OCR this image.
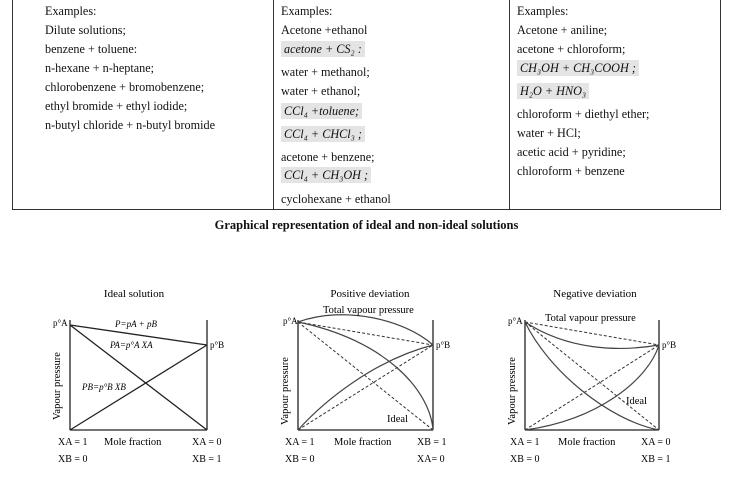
Examples:
Dilute solutions;
benzene + toluene:
n-hexane + n-heptane;
chlorobenzene + bromobenzene;
ethyl bromide + ethyl iodide;
n-butyl chloride + n-butyl bromide
Examples:
Acetone +ethanol
acetone + CS₂ :
water + methanol;
water + ethanol;
CCl₄ +toluene;
CCl₄ + CHCl₃ ;
acetone + benzene;
CCl₄ + CH₃OH ;
cyclohexane + ethanol
Examples:
Acetone + aniline;
acetone + chloroform;
CH₃OH + CH₃COOH ;
H₂O + HNO₃
chloroform + diethyl ether;
water + HCl;
acetic acid + pyridine;
chloroform + benzene
Graphical representation of ideal and non-ideal solutions
Ideal solution
p°A
p°B
P=pA + pB
PA=p°A XA
PB=p°B XB
Vapour pressure
Mole fraction
XA = 1
XB = 0
XA = 0
XB = 1
Positive deviation
p°A
p°B
Total vapour pressure
Ideal
Vapour pressure
Mole fraction
XA = 1
XB = 0
XB = 1
XA= 0
Negative deviation
p°A
p°B
Total vapour pressure
Ideal
Vapour pressure
Mole fraction
XA = 1
XB = 0
XA = 0
XB = 1
